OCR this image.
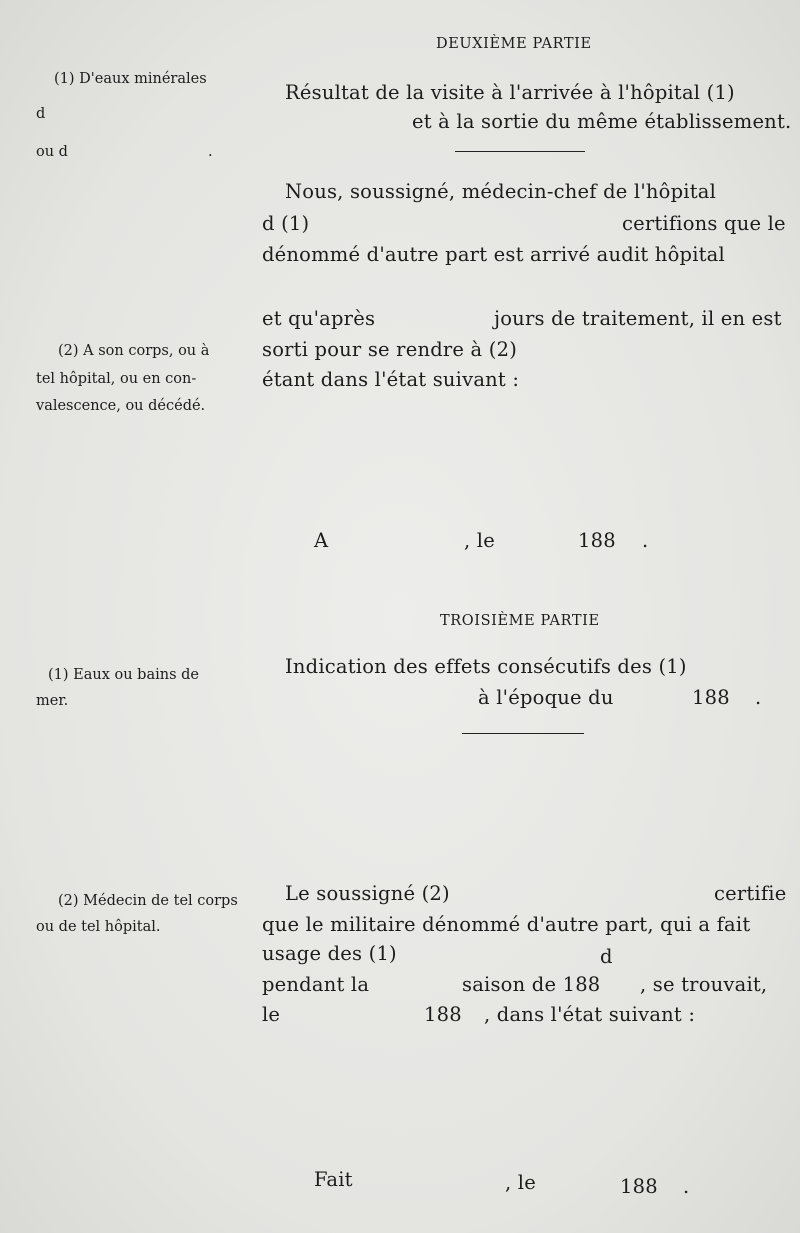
DEUXIÈME PARTIE
(1) D'eaux minérales
d
ou d	.
Résultat de la visite à l'arrivée à l'hôpital (1)
et à la sortie du même établissement.
Nous, soussigné, médecin-chef de l'hôpital
d (1)	certifions que le
dénommé d'autre part est arrivé audit hôpital
et qu'après	jours de traitement, il en est
sorti pour se rendre à (2)
étant dans l'état suivant :
(2) A son corps, ou à
tel hôpital, ou en con-
valescence, ou décédé.
A	, le	188 .
TROISIÈME PARTIE
(1) Eaux ou bains de
mer.
Indication des effets consécutifs des (1)
à l'époque du	188 .
(2) Médecin de tel corps
ou de tel hôpital.
Le soussigné (2)	certifie
que le militaire dénommé d'autre part, qui a fait
usage des (1)	d
pendant la	saison de 188 , se trouvait,
le	188 , dans l'état suivant :
Fait	, le	188 .
